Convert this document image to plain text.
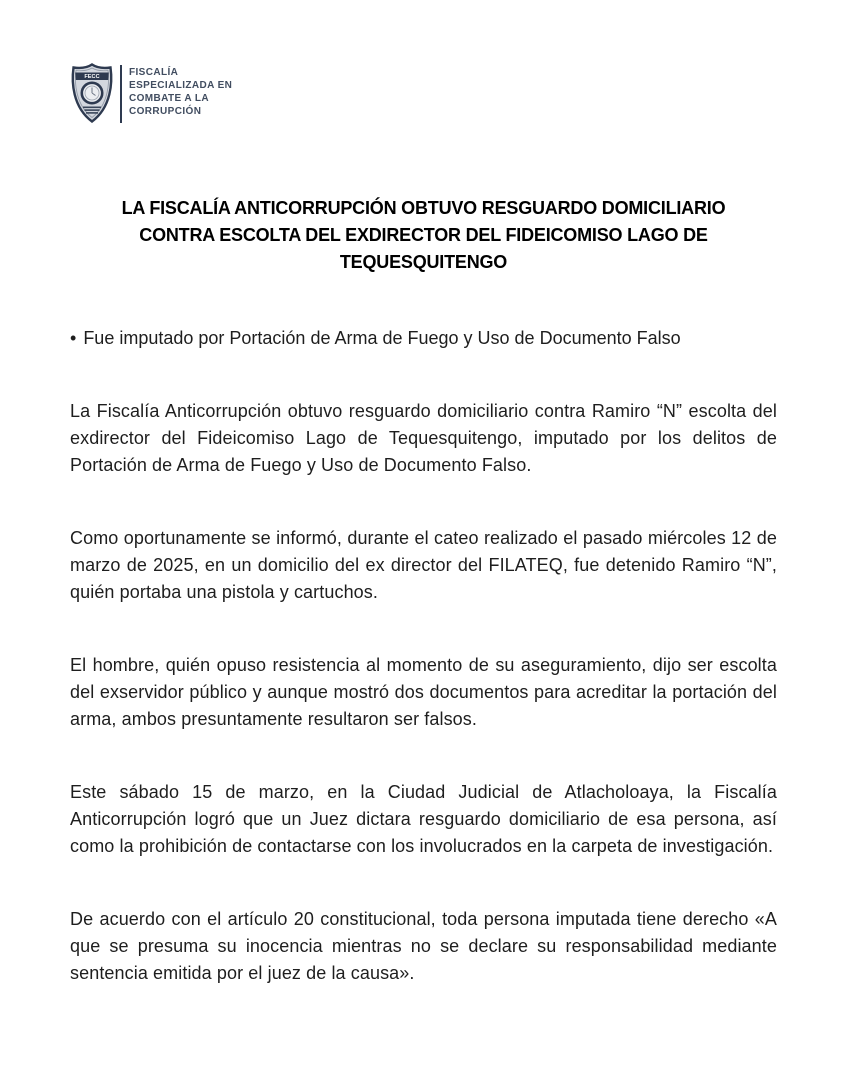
FECC	FISCALÍA
ESPECIALIZADA EN
COMBATE A LA
CORRUPCIÓN
LA FISCALÍA ANTICORRUPCIÓN OBTUVO RESGUARDO DOMICILIARIO
CONTRA ESCOLTA DEL EXDIRECTOR DEL FIDEICOMISO LAGO DE
TEQUESQUITENGO
• Fue imputado por Portación de Arma de Fuego y Uso de Documento Falso

La Fiscalía Anticorrupción obtuvo resguardo domiciliario contra Ramiro “N” escolta del exdirector del Fideicomiso Lago de Tequesquitengo, imputado por los delitos de Portación de Arma de Fuego y Uso de Documento Falso.

Como oportunamente se informó, durante el cateo realizado el pasado miércoles 12 de marzo de 2025, en un domicilio del ex director del FILATEQ, fue detenido Ramiro “N”, quién portaba una pistola y cartuchos.

El hombre, quién opuso resistencia al momento de su aseguramiento, dijo ser escolta del exservidor público y aunque mostró dos documentos para acreditar la portación del arma, ambos presuntamente resultaron ser falsos.

Este sábado 15 de marzo, en la Ciudad Judicial de Atlacholoaya, la Fiscalía Anticorrupción logró que un Juez dictara resguardo domiciliario de esa persona, así como la prohibición de contactarse con los involucrados en la carpeta de investigación.

De acuerdo con el artículo 20 constitucional, toda persona imputada tiene derecho «A que se presuma su inocencia mientras no se declare su responsabilidad mediante sentencia emitida por el juez de la causa».
